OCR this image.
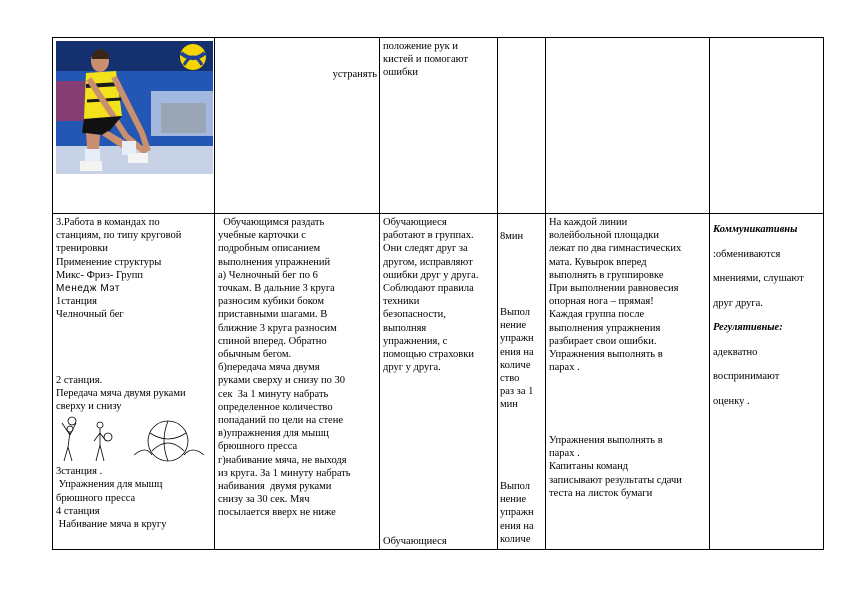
устранять

положение рук и

кистей и помогают

ошибки

3.Работа в командах по

станциям, по типу круговой

тренировки

Применение структуры

Микс- Фриз- Групп

Менедж Мэт

1станция

Челночный бег

2 станция.

Передача мяча двумя руками

сверху и снизу

3станция .

Упражнения для мышц

брюшного пресса

4 станция

Набивание мяча в кругу

Обучающимся раздать

учебные карточки с

подробным описанием

выполнения упражнений

а) Челночный бег по 6

точкам. В дальние 3 круга

разносим кубики боком

приставными шагами. В

ближние 3 круга разносим

спиной вперед. Обратно

обычным бегом.

б)передача мяча двумя

руками сверху и снизу по 30

сек  За 1 минуту набрать

определенное количество

попаданий по цели на стене

в)упражнения для мышц

брюшного пресса

г)набивание мяча, не выходя

из круга. За 1 минуту набрать

набивания  двумя руками

снизу за 30 сек. Мяч

посылается вверх не ниже

Обучающиеся

работают в группах.

Они следят друг за

другом, исправляют

ошибки друг у друга.

Соблюдают правила

техники

безопасности,

выполняя

упражнения, с

помощью страховки

друг у друга.

Обучающиеся

8мин

Выпол

нение

упражн

ения на

количе

ство

раз за 1

мин

Выпол

нение

упражн

ения на

количе

На каждой линии

волейбольной площадки

лежат по два гимнастических

мата. Кувырок вперед

выполнять в группировке

При выполнении равновесия

опорная нога – прямая!

Каждая группа после

выполнения упражнения

разбирает свои ошибки.

Упражнения выполнять в

парах .

Упражнения выполнять в

парах .

Капитаны команд

записывают результаты сдачи

теста на листок бумаги

Коммуникативны

:обмениваются

мнениями, слушают

друг друга.

Регулятивные:

адекватно

воспринимают

оценку .
